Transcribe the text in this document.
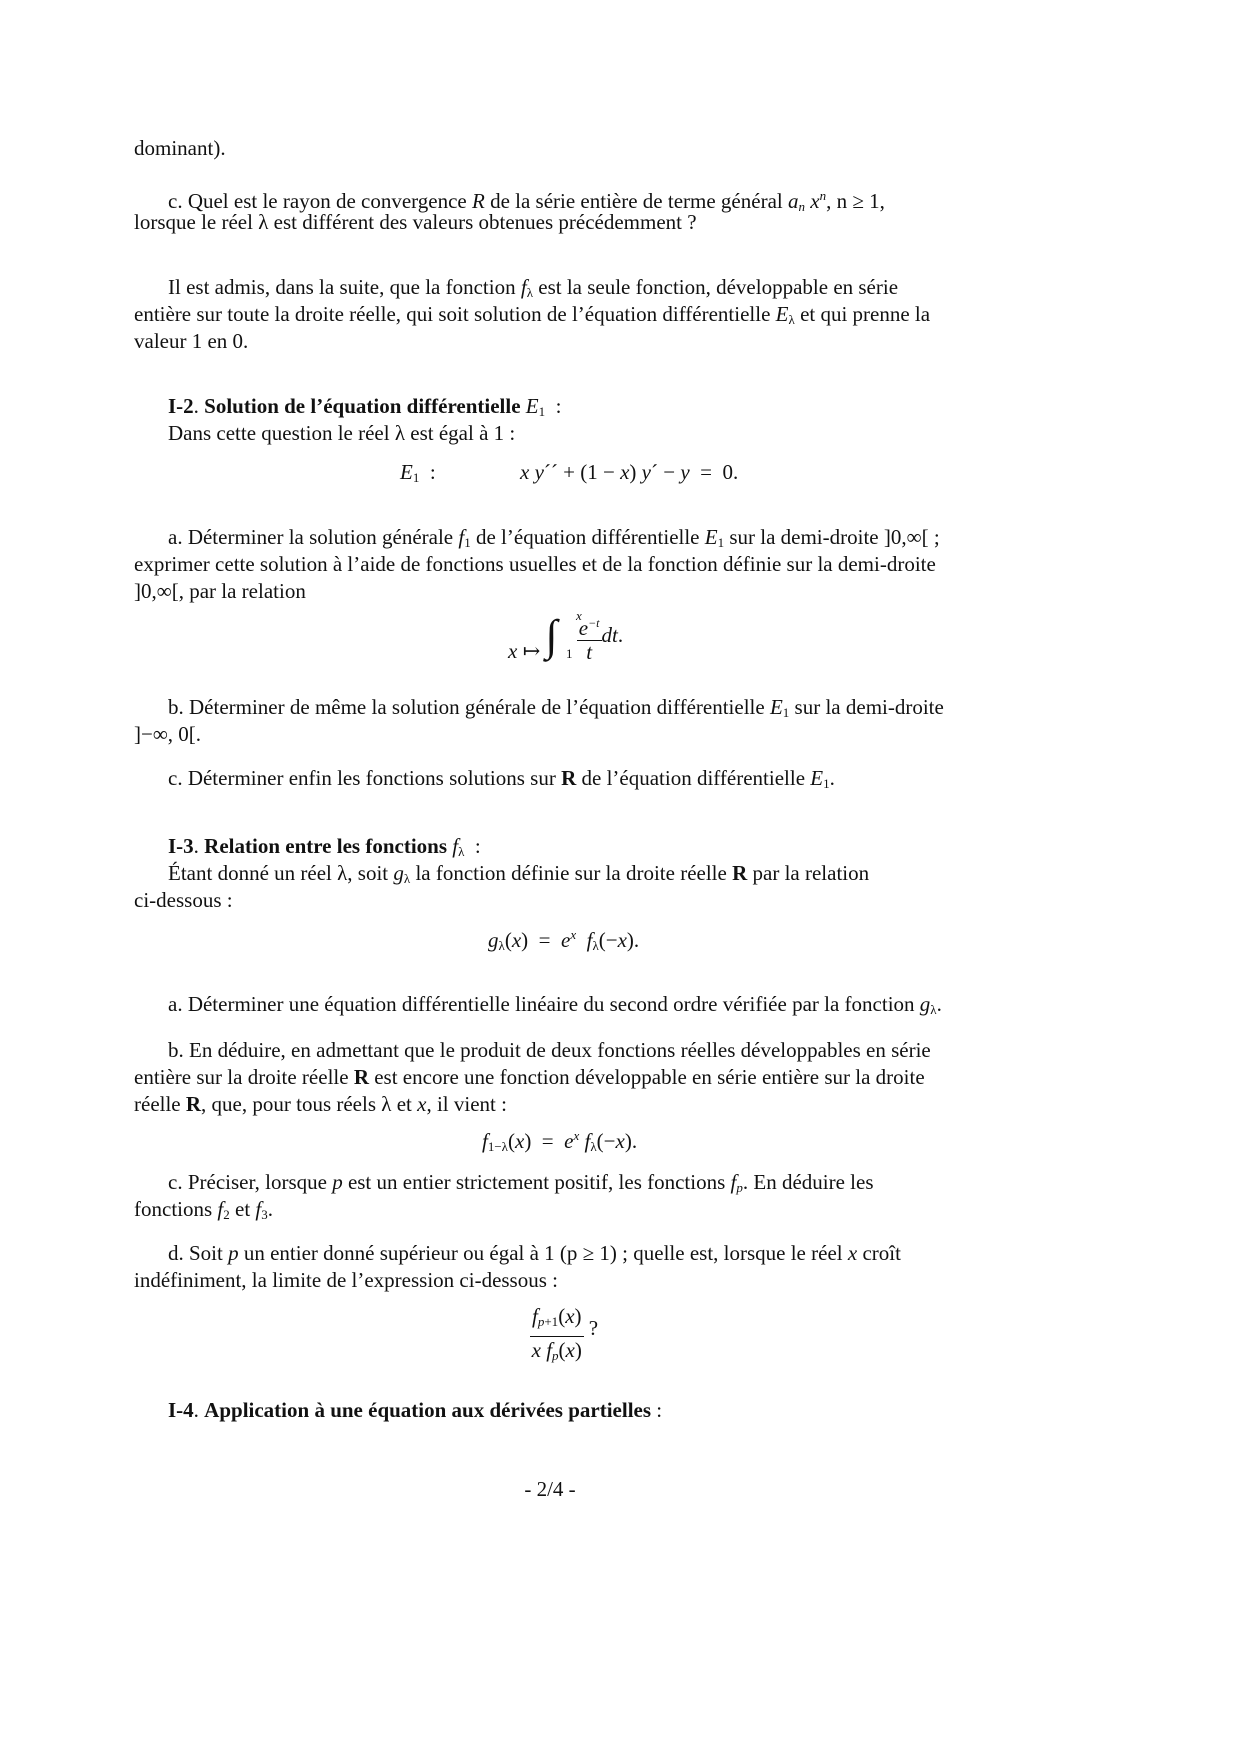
dominant).
c. Quel est le rayon de convergence R de la série entière de terme général $a_n$ $x^n$, n ≥ 1,
lorsque le réel λ est différent des valeurs obtenues précédemment ?
Il est admis, dans la suite, que la fonction $f_\lambda$ est la seule fonction, développable en série
entière sur toute la droite réelle, qui soit solution de l’équation différentielle $E_\lambda$ et qui prenne la
valeur 1 en 0.
I-2. Solution de l’équation différentielle $E_1$  :
Dans cette question le réel λ est égal à 1 :
$E_1$  :	x y´´ + (1 − x) y´ − y  =  0.
a. Déterminer la solution générale $f_1$ de l’équation différentielle $E_1$ sur la demi-droite ]0,∞[ ;
exprimer cette solution à l’aide de fonctions usuelles et de la fonction définie sur la demi-droite
]0,∞[, par la relation
x ↦ ∫ x
$1 \frac{e^{-t}}{t}$ dt.
b. Déterminer de même la solution générale de l’équation différentielle $E_1$ sur la demi-droite
]−∞, 0[.
c. Déterminer enfin les fonctions solutions sur R de l’équation différentielle $E_1$.
I-3. Relation entre les fonctions $f_\lambda$  :
Étant donné un réel λ, soit $g_\lambda$ la fonction définie sur la droite réelle R par la relation
ci-dessous :
$g_\lambda(x) = e^x$ $f_\lambda(-x)$.
a. Déterminer une équation différentielle linéaire du second ordre vérifiée par la fonction $g_\lambda$.
b. En déduire, en admettant que le produit de deux fonctions réelles développables en série
entière sur la droite réelle R est encore une fonction développable en série entière sur la droite
réelle R, que, pour tous réels λ et x, il vient :
$f_{1-\lambda}(x) = e^x$ $f_\lambda(-x)$.
c. Préciser, lorsque p est un entier strictement positif, les fonctions $f_p$. En déduire les
fonctions $f_2$ et $f_3$.
d. Soit p un entier donné supérieur ou égal à 1 (p ≥ 1) ; quelle est, lorsque le réel x croît
indéfiniment, la limite de l’expression ci-dessous :
$\frac{f_{p+1}(x)}{x f_p(x)}$ ?
I-4. Application à une équation aux dérivées partielles :
- 2/4 -
